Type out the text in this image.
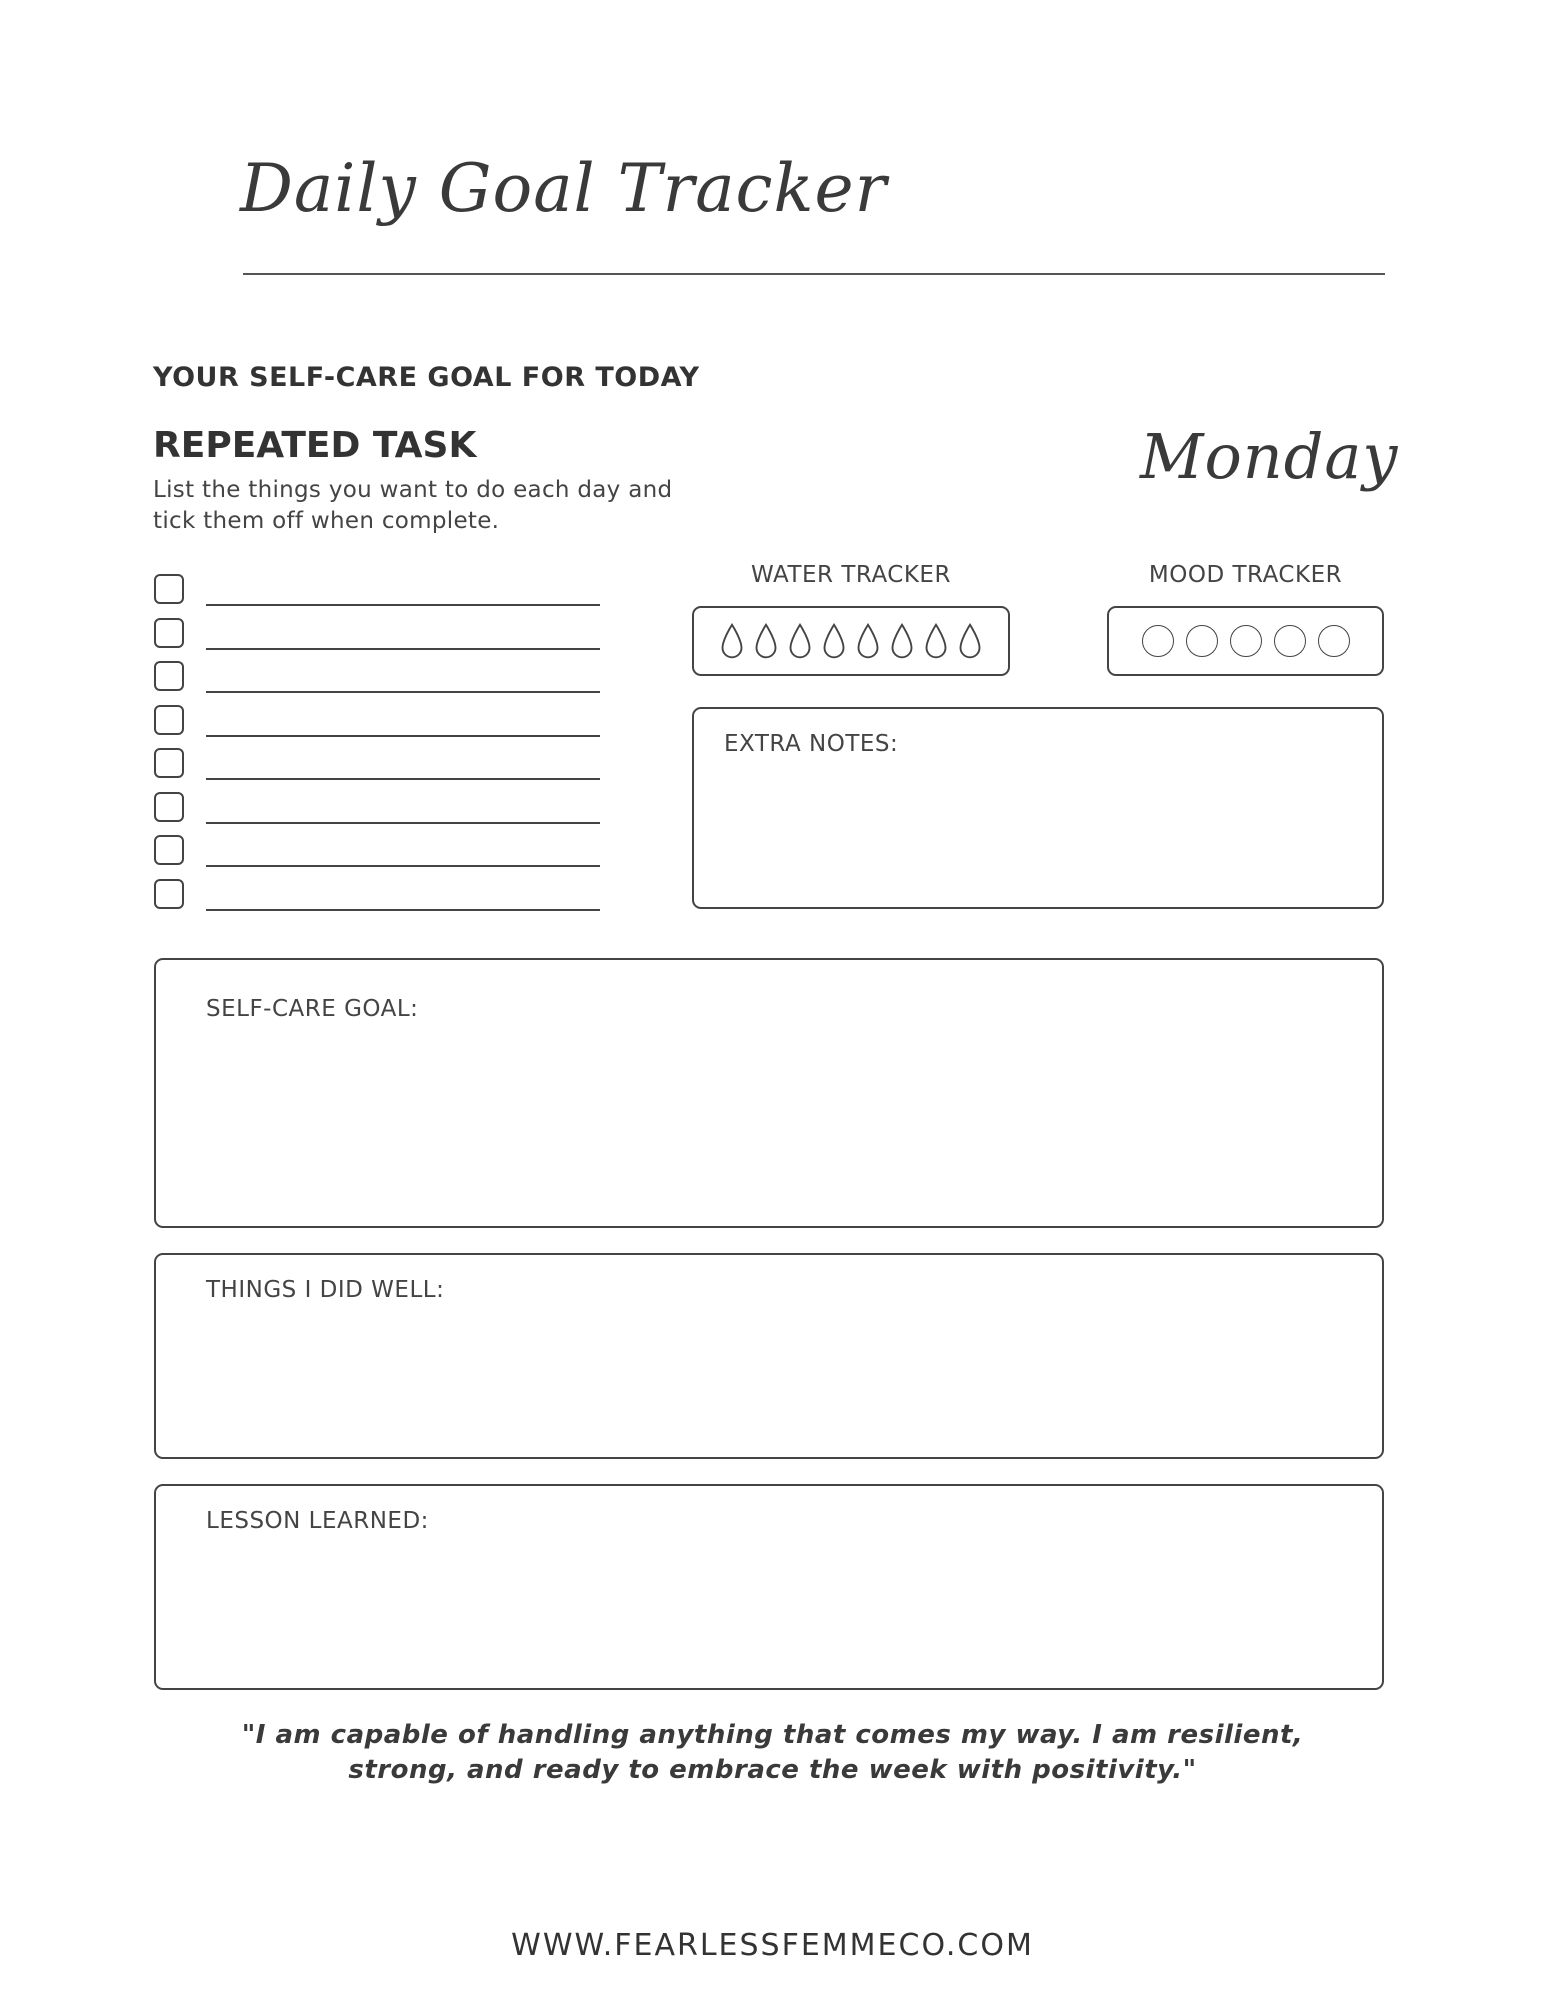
Daily Goal Tracker
YOUR SELF-CARE GOAL FOR TODAY
REPEATED TASK
List the things you want to do each day and tick them off when complete.
Monday
WATER TRACKER	MOOD TRACKER
EXTRA NOTES:
SELF-CARE GOAL:
THINGS I DID WELL:
LESSON LEARNED:
"I am capable of handling anything that comes my way. I am resilient, strong, and ready to embrace the week with positivity."
WWW.FEARLESSFEMMECO.COM
